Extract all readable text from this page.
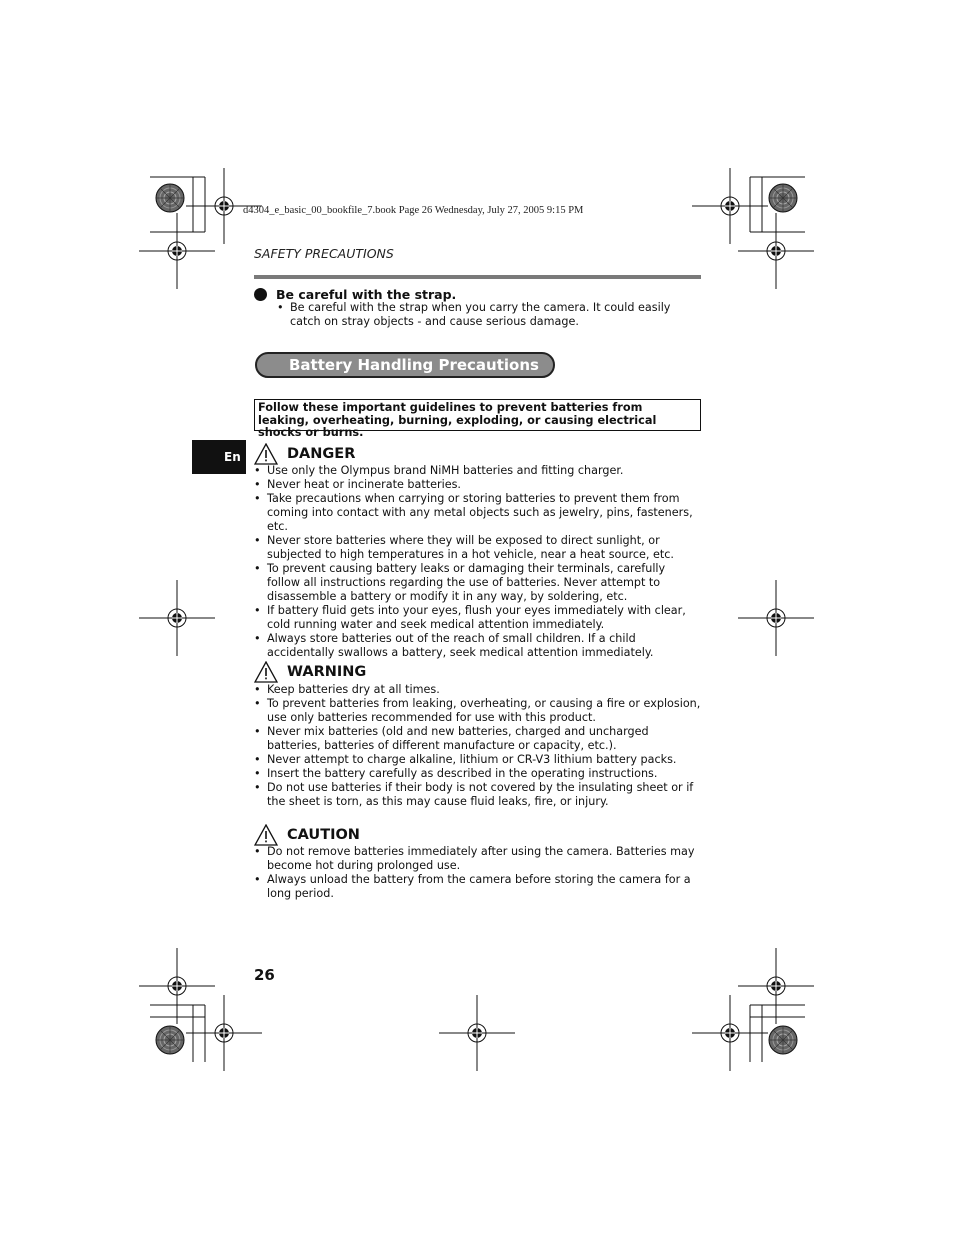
d4304_e_basic_00_bookfile_7.book Page 26 Wednesday, July 27, 2005 9:15 PM
SAFETY PRECAUTIONS
Be careful with the strap.
• Be careful with the strap when you carry the camera. It could easily catch on stray objects - and cause serious damage.
Battery Handling Precautions
Follow these important guidelines to prevent batteries from leaking, overheating, burning, exploding, or causing electrical shocks or burns.
En	DANGER
• Use only the Olympus brand NiMH batteries and fitting charger.
• Never heat or incinerate batteries.
• Take precautions when carrying or storing batteries to prevent them from coming into contact with any metal objects such as jewelry, pins, fasteners, etc.
• Never store batteries where they will be exposed to direct sunlight, or subjected to high temperatures in a hot vehicle, near a heat source, etc.
• To prevent causing battery leaks or damaging their terminals, carefully follow all instructions regarding the use of batteries. Never attempt to disassemble a battery or modify it in any way, by soldering, etc.
• If battery fluid gets into your eyes, flush your eyes immediately with clear, cold running water and seek medical attention immediately.
• Always store batteries out of the reach of small children. If a child accidentally swallows a battery, seek medical attention immediately.
WARNING
• Keep batteries dry at all times.
• To prevent batteries from leaking, overheating, or causing a fire or explosion, use only batteries recommended for use with this product.
• Never mix batteries (old and new batteries, charged and uncharged batteries, batteries of different manufacture or capacity, etc.).
• Never attempt to charge alkaline, lithium or CR-V3 lithium battery packs.
• Insert the battery carefully as described in the operating instructions.
• Do not use batteries if their body is not covered by the insulating sheet or if the sheet is torn, as this may cause fluid leaks, fire, or injury.
CAUTION
• Do not remove batteries immediately after using the camera. Batteries may become hot during prolonged use.
• Always unload the battery from the camera before storing the camera for a long period.
26
